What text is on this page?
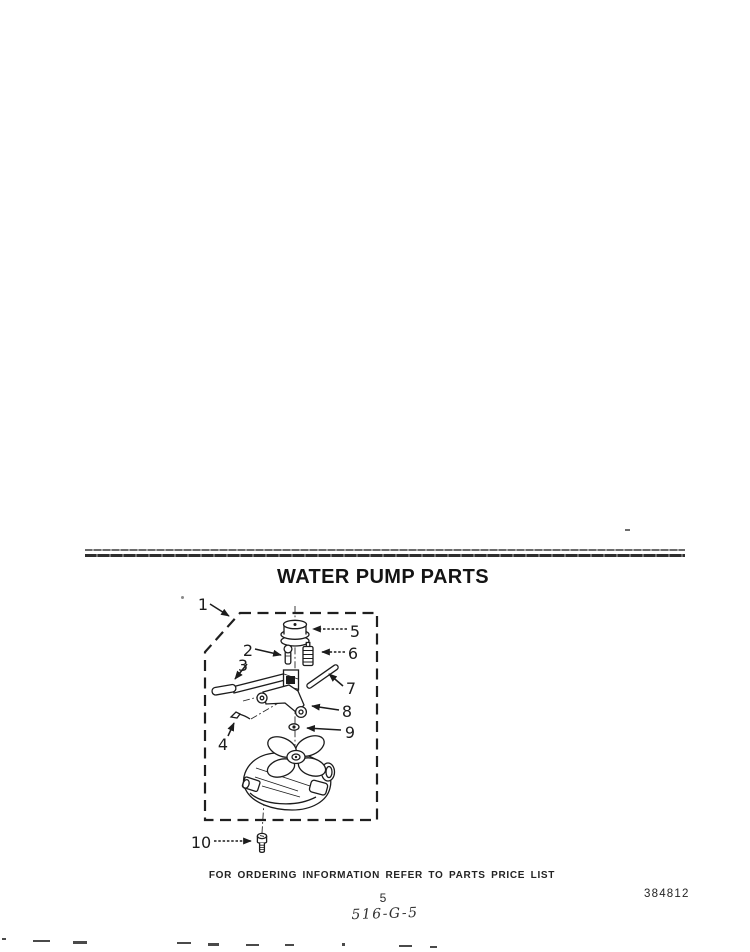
WATER PUMP PARTS
1
2
3
4
5
6
7
8
9
10
FOR ORDERING INFORMATION REFER TO PARTS PRICE LIST
5	384812
516-G-5
